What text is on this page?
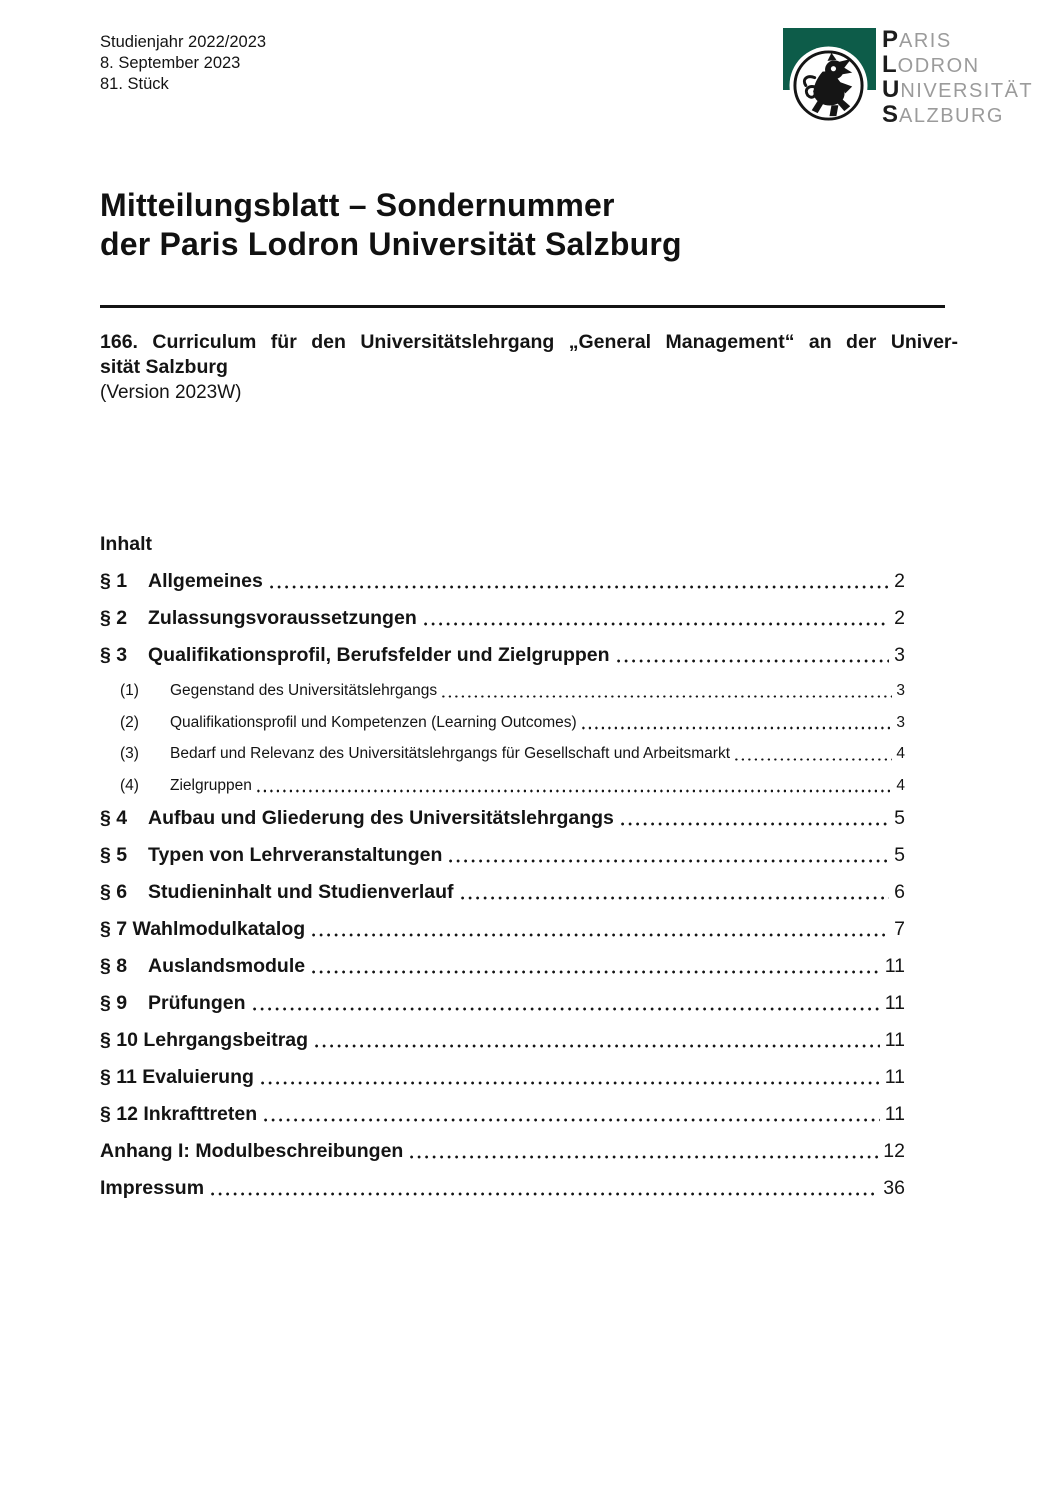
Studienjahr 2022/2023
8. September 2023
81. Stück
PARIS
LODRON
UNIVERSITÄT
SALZBURG
Mitteilungsblatt – Sondernummer
der Paris Lodron Universität Salzburg
166. Curriculum für den Universitätslehrgang „General Management“ an der Univer-
sität Salzburg
(Version 2023W)
Inhalt
§ 1	Allgemeines	2
§ 2	Zulassungsvoraussetzungen	2
§ 3	Qualifikationsprofil, Berufsfelder und Zielgruppen	3
(1)	Gegenstand des Universitätslehrgangs	3
(2)	Qualifikationsprofil und Kompetenzen (Learning Outcomes)	3
(3)	Bedarf und Relevanz des Universitätslehrgangs für Gesellschaft und Arbeitsmarkt	4
(4)	Zielgruppen	4
§ 4	Aufbau und Gliederung des Universitätslehrgangs	5
§ 5	Typen von Lehrveranstaltungen	5
§ 6	Studieninhalt und Studienverlauf	6
§ 7 Wahlmodulkatalog	7
§ 8	Auslandsmodule	11
§ 9	Prüfungen	11
§ 10 Lehrgangsbeitrag	11
§ 11 Evaluierung	11
§ 12 Inkrafttreten	11
Anhang I: Modulbeschreibungen	12
Impressum	36
